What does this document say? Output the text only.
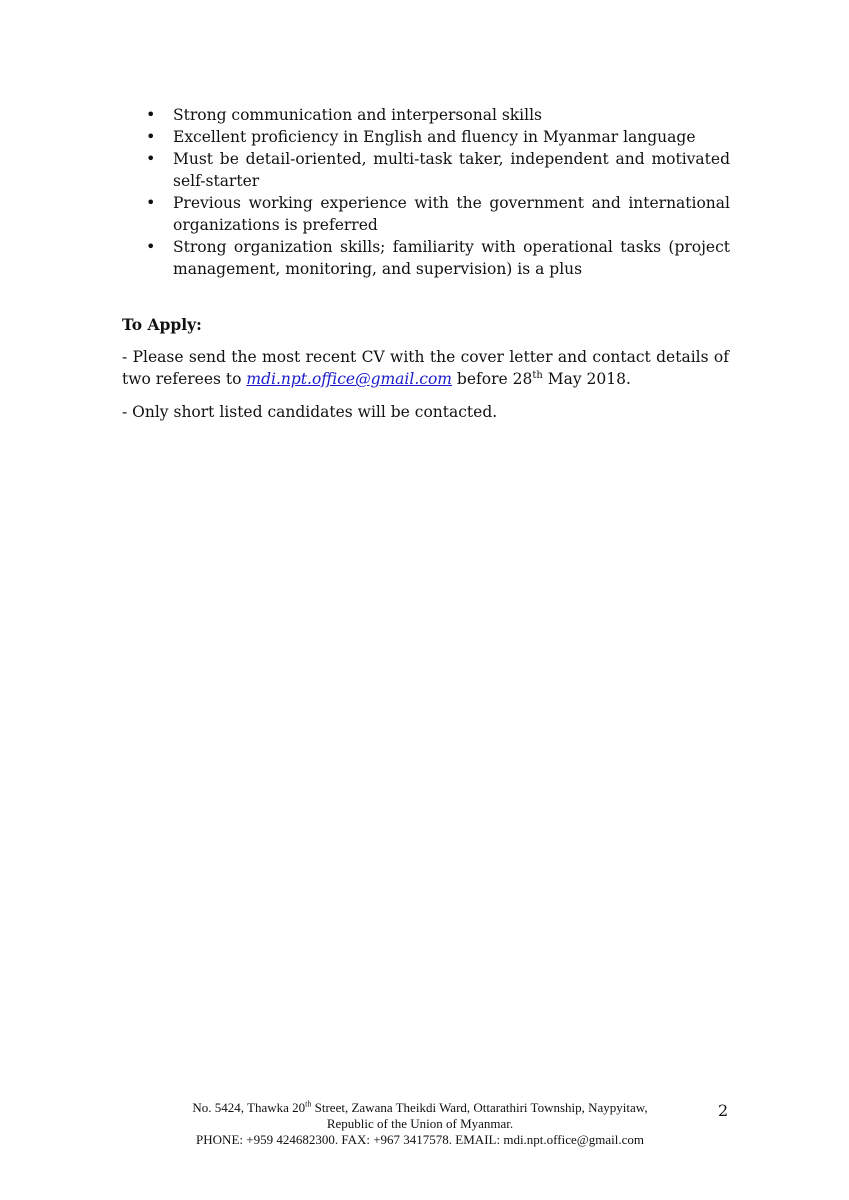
• Strong communication and interpersonal skills
• Excellent proficiency in English and fluency in Myanmar language
• Must be detail-oriented, multi-task taker, independent and motivated self-starter
• Previous working experience with the government and international organizations is preferred
• Strong organization skills; familiarity with operational tasks (project management, monitoring, and supervision) is a plus

To Apply:

- Please send the most recent CV with the cover letter and contact details of two referees to mdi.npt.office@gmail.com before 28th May 2018.

- Only short listed candidates will be contacted.

No. 5424, Thawka 20th Street, Zawana Theikdi Ward, Ottarathiri Township, Naypyitaw,
Republic of the Union of Myanmar.
PHONE: +959 424682300. FAX: +967 3417578. EMAIL: mdi.npt.office@gmail.com
2
